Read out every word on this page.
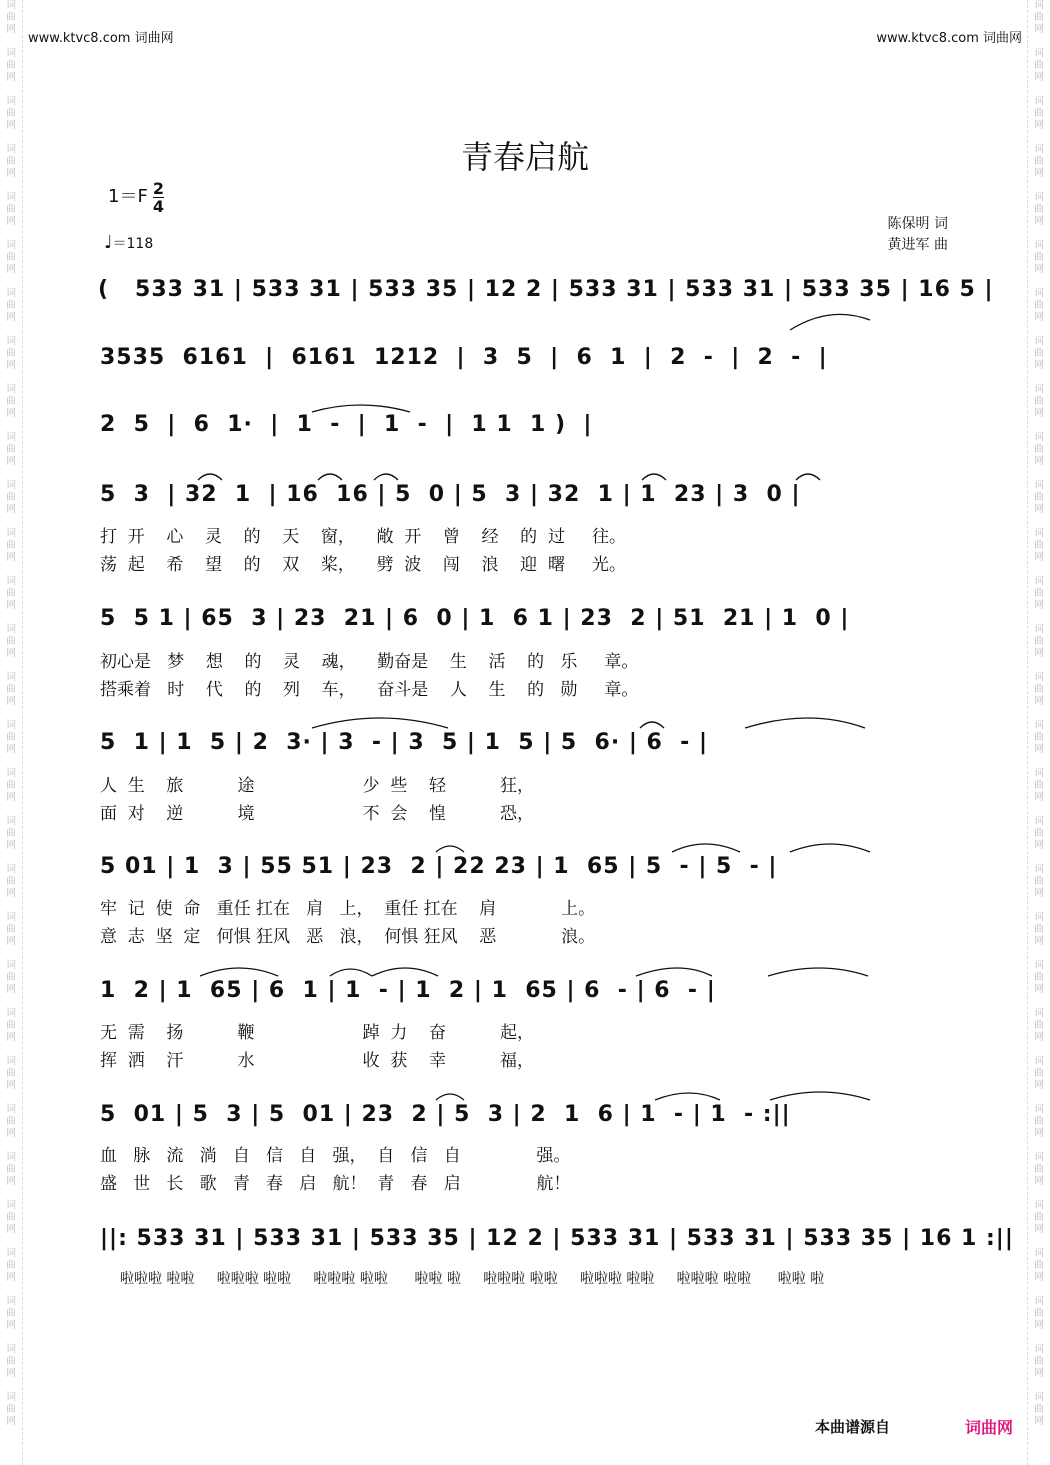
词
曲
网

词
曲
网

词
曲
网

词
曲
网

词
曲
网

词
曲
网

词
曲
网

词
曲
网

词
曲
网

词
曲
网

词
曲
网

词
曲
网

词
曲
网

词
曲
网

词
曲
网

词
曲
网

词
曲
网

词
曲
网

词
曲
网

词
曲
网

词
曲
网

词
曲
网

词
曲
网

词
曲
网

词
曲
网

词
曲
网

词
曲
网

词
曲
网

词
曲
网

词
曲
网

词
曲
网

词
曲
网

词
曲
网

词
曲
网

词
曲
网

词
曲
网

词
曲
网

词
曲
网

词
曲
网

词
曲
网

词
曲
网

词
曲
网

词
曲
网

词
曲
网

词
曲
网

词
曲
网

词
曲
网

词
曲
网

词
曲
网

词
曲
网

词
曲
网

词
曲
网

词
曲
网

词
曲
网

词
曲
网

词
曲
网

词
曲
网

词
曲
网

词
曲
网

词
曲
网

www.ktvc8.com 词曲网	www.ktvc8.com 词曲网
青春启航
$1=F \frac{2}{4}$
♩＝118
陈保明 词
黄进军 曲
(   533 31 | 533 31 | 533 35 | 12 2 | 533 31 | 533 31 | 533 35 | 16 5 |
3535  6161  |  6161  1212  |  3  5  |  6  1  |  2  -  |  2  -  |
2  5  |  6  1·  |  1  -  |  1  -  |  1 1  1 )  |
5  3  | 32  1  | 16  16 | 5  0 | 5  3 | 32  1 | 1  23 | 3  0 |
打  开    心    灵    的    天    窗，    敞  开    曾    经    的  过     往。
荡  起    希    望    的    双    桨，    劈  波    闯    浪    迎  曙     光。
5  5 1 | 65  3 | 23  21 | 6  0 | 1  6 1 | 23  2 | 51  21 | 1  0 |
初心是   梦    想    的    灵    魂，    勤奋是    生    活    的   乐     章。
搭乘着   时    代    的    列    车，    奋斗是    人    生    的   勋     章。
5  1 | 1  5 | 2  3· | 3  - | 3  5 | 1  5 | 5  6· | 6  - |
人  生    旅          途                    少  些    轻          狂，
面  对    逆          境                    不  会    惶          恐，
5 01 | 1  3 | 55 51 | 23  2 | 22 23 | 1  65 | 5  - | 5  - |
牢  记  使  命   重任 扛在   肩   上，  重任 扛在    肩            上。
意  志  坚  定   何惧 狂风   恶   浪，  何惧 狂风    恶            浪。
1  2 | 1  65 | 6  1 | 1  - | 1  2 | 1  65 | 6  - | 6  - |
无  需    扬          鞭                    踔  力    奋          起，
挥  洒    汗          水                    收  获    幸          福，
5  01 | 5  3 | 5  01 | 23  2 | 5  3 | 2  1  6 | 1  - | 1  - :||
血   脉   流   淌   自   信   自   强，  自   信   自              强。
盛   世   长   歌   青   春   启   航！  青   春   启              航！
||: 533 31 | 533 31 | 533 35 | 12 2 | 533 31 | 533 31 | 533 35 | 16 1 :||
啦啦啦 啦啦     啦啦啦 啦啦     啦啦啦 啦啦      啦啦 啦     啦啦啦 啦啦     啦啦啦 啦啦     啦啦啦 啦啦      啦啦 啦
本曲谱源自	词曲网
